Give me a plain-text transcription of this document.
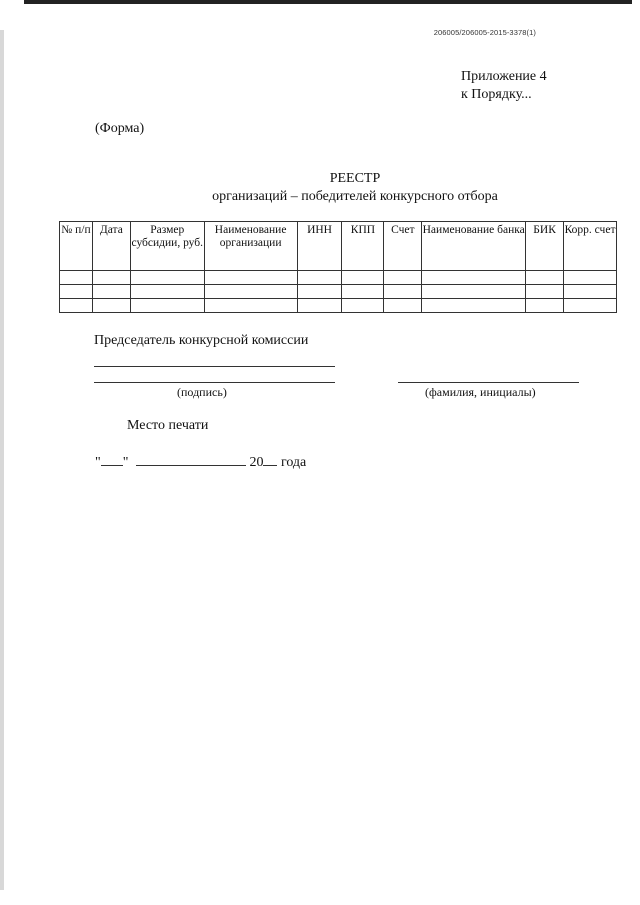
206005/206005-2015-3378(1)
Приложение 4
к Порядку...
(Форма)
РЕЕСТР
организаций – победителей конкурсного отбора
№ п/п	Дата	Размер субсидии, руб.	Наименование организации	ИНН	КПП	Счет	Наименование банка	БИК	Корр. счет

Председатель конкурсной комиссии
(подпись)	(фамилия, инициалы)
Место печати
" "	20 года
